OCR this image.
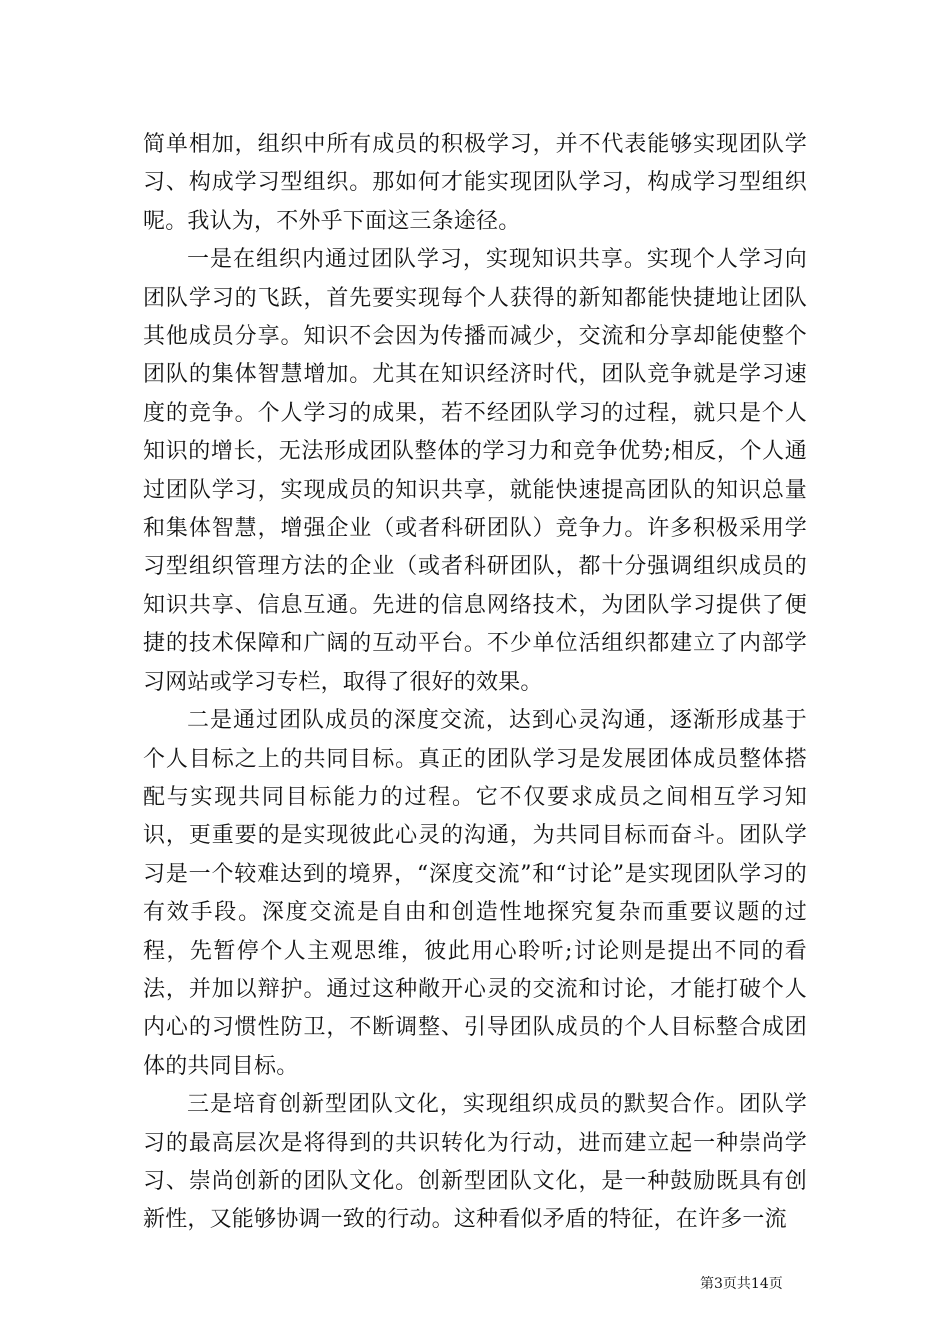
简单相加，组织中所有成员的积极学习，并不代表能够实现团队学习、构成学习型组织。那如何才能实现团队学习，构成学习型组织呢。我认为，不外乎下面这三条途径。

一是在组织内通过团队学习，实现知识共享。实现个人学习向团队学习的飞跃，首先要实现每个人获得的新知都能快捷地让团队其他成员分享。知识不会因为传播而减少，交流和分享却能使整个团队的集体智慧增加。尤其在知识经济时代，团队竞争就是学习速度的竞争。个人学习的成果，若不经团队学习的过程，就只是个人知识的增长，无法形成团队整体的学习力和竞争优势;相反，个人通过团队学习，实现成员的知识共享，就能快速提高团队的知识总量和集体智慧，增强企业（或者科研团队）竞争力。许多积极采用学习型组织管理方法的企业（或者科研团队，都十分强调组织成员的知识共享、信息互通。先进的信息网络技术，为团队学习提供了便捷的技术保障和广阔的互动平台。不少单位活组织都建立了内部学习网站或学习专栏，取得了很好的效果。

二是通过团队成员的深度交流，达到心灵沟通，逐渐形成基于个人目标之上的共同目标。真正的团队学习是发展团体成员整体搭配与实现共同目标能力的过程。它不仅要求成员之间相互学习知识，更重要的是实现彼此心灵的沟通，为共同目标而奋斗。团队学习是一个较难达到的境界，“深度交流”和“讨论”是实现团队学习的有效手段。深度交流是自由和创造性地探究复杂而重要议题的过程，先暂停个人主观思维，彼此用心聆听;讨论则是提出不同的看法，并加以辩护。通过这种敞开心灵的交流和讨论，才能打破个人内心的习惯性防卫，不断调整、引导团队成员的个人目标整合成团体的共同目标。

三是培育创新型团队文化，实现组织成员的默契合作。团队学习的最高层次是将得到的共识转化为行动，进而建立起一种崇尚学习、崇尚创新的团队文化。创新型团队文化，是一种鼓励既具有创新性，又能够协调一致的行动。这种看似矛盾的特征，在许多一流

第3页共14页
